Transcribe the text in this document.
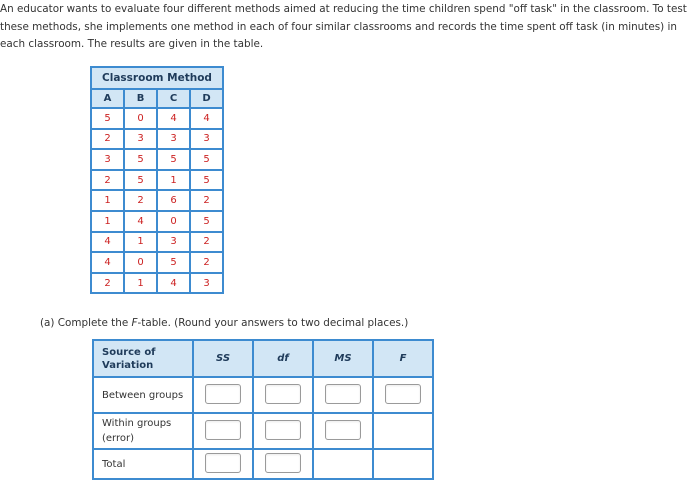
An educator wants to evaluate four different methods aimed at reducing the time children spend "off task" in the classroom. To test these methods, she implements one method in each of four similar classrooms and records the time spent off task (in minutes) in each classroom. The results are given in the table.

Classroom Method			
A	B	C	D
5	0	4	4
2	3	3	3
3	5	5	5
2	5	1	5
1	2	6	2
1	4	0	5
4	1	3	2
4	0	5	2
2	1	4	3

(a) Complete the F-table. (Round your answers to two decimal places.)

Source of Variation	SS	df	MS	F
Between groups				
Within groups (error)				
Total				
